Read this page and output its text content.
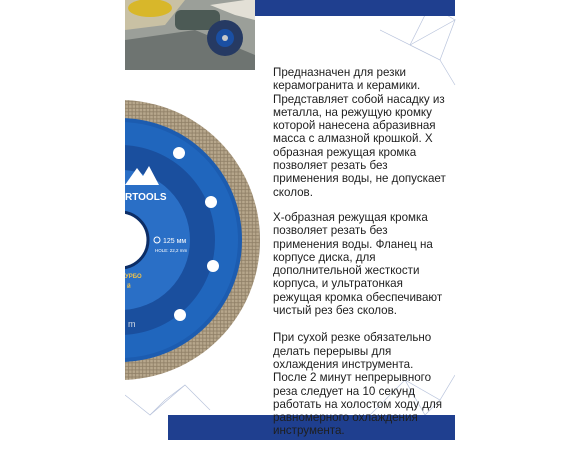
RTOOLS
125 мм
HOLE: 22,2 mm
УРБО
й
m

Предназначен для резки керамогранита и керамики. Представляет собой насадку из металла, на режущую кромку которой нанесена абразивная масса с алмазной крошкой. X образная режущая кромка позволяет резать без применения воды, не допускает сколов.

X-образная режущая кромка позволяет резать без применения воды. Фланец на корпусе диска, для дополнительной жесткости корпуса, и ультратонкая режущая кромка обеспечивают чистый рез без сколов.

При сухой резке обязательно делать перерывы для охлаждения инструмента. После 2 минут непрерывного реза следует на 10 секунд работать на холостом ходу для равномерного охлаждения инструмента.
